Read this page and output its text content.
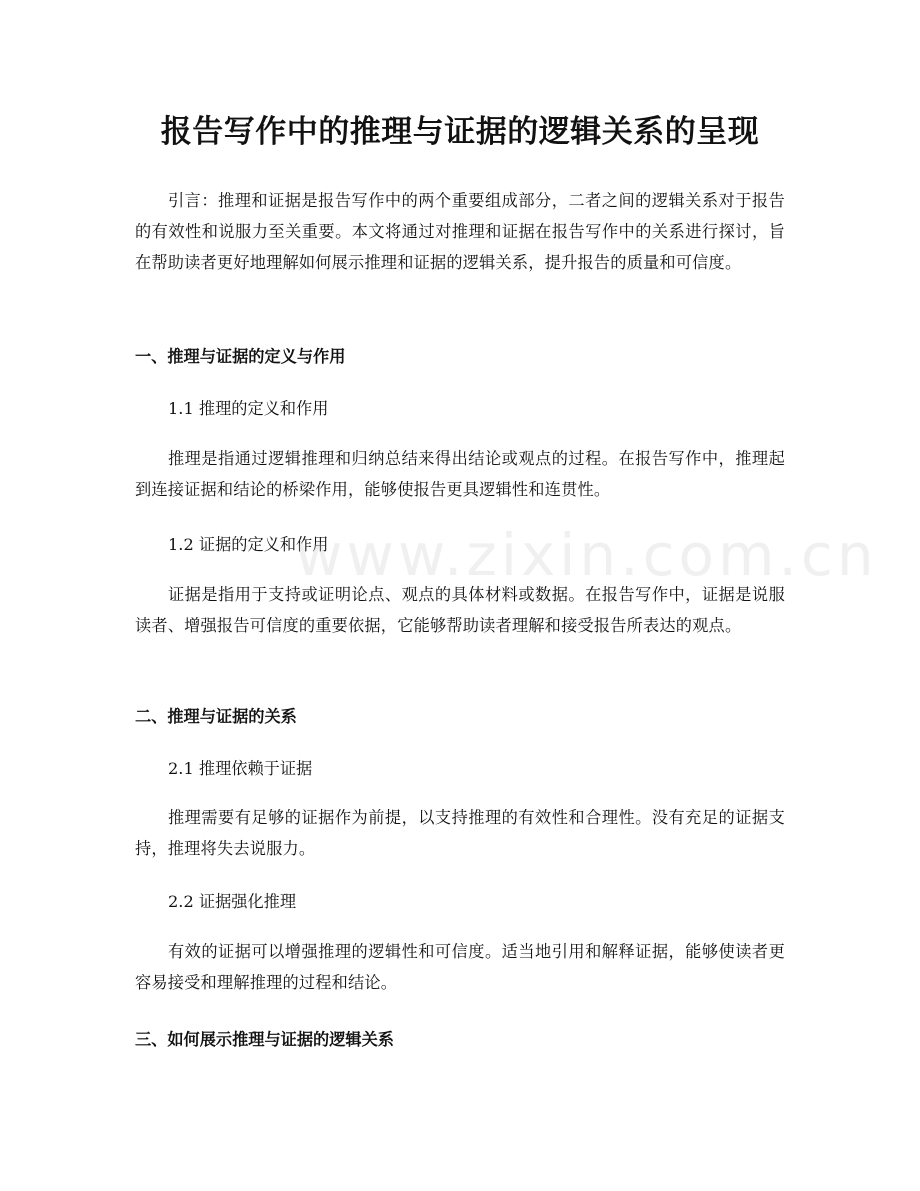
报告写作中的推理与证据的逻辑关系的呈现

引言：推理和证据是报告写作中的两个重要组成部分，二者之间的逻辑关系对于报告的有效性和说服力至关重要。本文将通过对推理和证据在报告写作中的关系进行探讨，旨在帮助读者更好地理解如何展示推理和证据的逻辑关系，提升报告的质量和可信度。

一、推理与证据的定义与作用
1.1 推理的定义和作用

推理是指通过逻辑推理和归纳总结来得出结论或观点的过程。在报告写作中，推理起到连接证据和结论的桥梁作用，能够使报告更具逻辑性和连贯性。

1.2 证据的定义和作用

证据是指用于支持或证明论点、观点的具体材料或数据。在报告写作中，证据是说服读者、增强报告可信度的重要依据，它能够帮助读者理解和接受报告所表达的观点。

二、推理与证据的关系
2.1 推理依赖于证据

推理需要有足够的证据作为前提，以支持推理的有效性和合理性。没有充足的证据支持，推理将失去说服力。

2.2 证据强化推理

有效的证据可以增强推理的逻辑性和可信度。适当地引用和解释证据，能够使读者更容易接受和理解推理的过程和结论。

三、如何展示推理与证据的逻辑关系
www.zixin.com.cn
